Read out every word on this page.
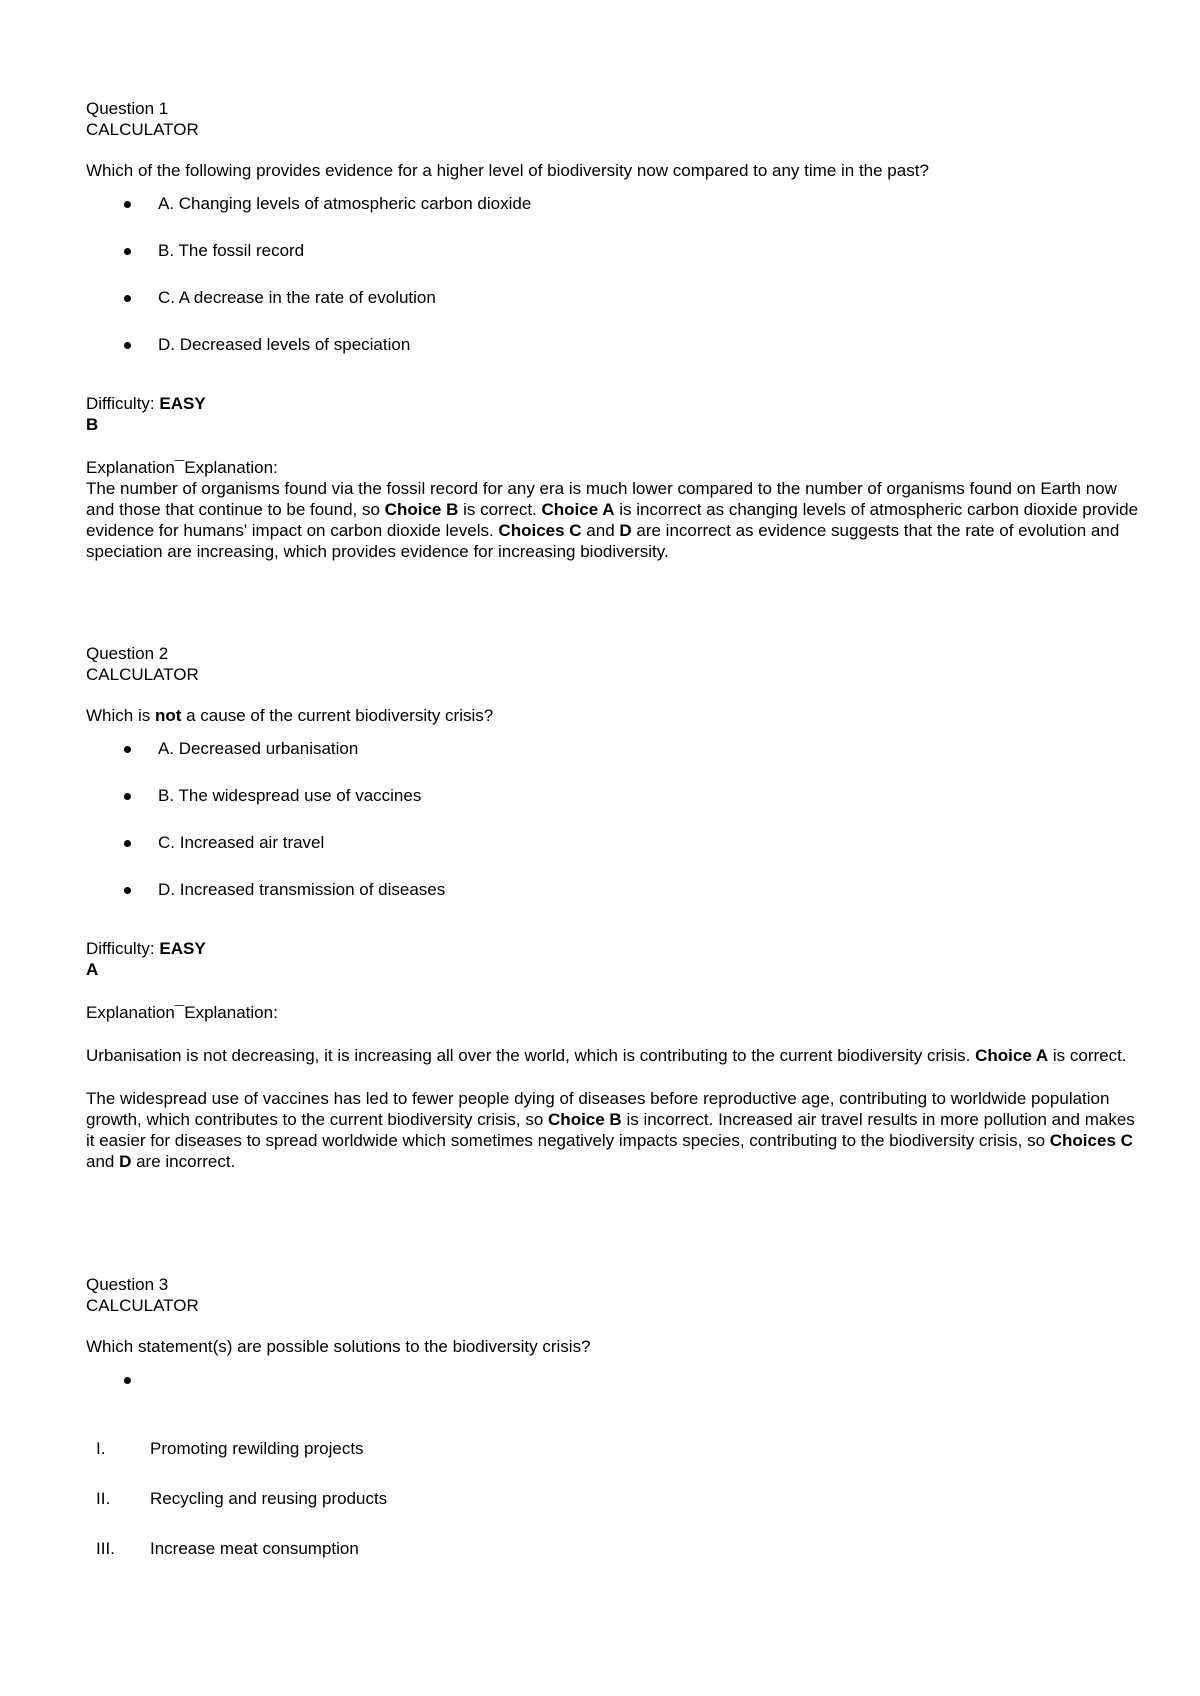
Question 1
CALCULATOR
Which of the following provides evidence for a higher level of biodiversity now compared to any time in the past?
A. Changing levels of atmospheric carbon dioxide
B. The fossil record
C. A decrease in the rate of evolution
D. Decreased levels of speciation
Difficulty: EASY
B
Explanation¯Explanation:
The number of organisms found via the fossil record for any era is much lower compared to the number of organisms found on Earth now and those that continue to be found, so Choice B is correct. Choice A is incorrect as changing levels of atmospheric carbon dioxide provide evidence for humans' impact on carbon dioxide levels. Choices C and D are incorrect as evidence suggests that the rate of evolution and speciation are increasing, which provides evidence for increasing biodiversity.
Question 2
CALCULATOR
Which is not a cause of the current biodiversity crisis?
A. Decreased urbanisation
B. The widespread use of vaccines
C. Increased air travel
D. Increased transmission of diseases
Difficulty: EASY
A
Explanation¯Explanation:
Urbanisation is not decreasing, it is increasing all over the world, which is contributing to the current biodiversity crisis. Choice A is correct.
The widespread use of vaccines has led to fewer people dying of diseases before reproductive age, contributing to worldwide population growth, which contributes to the current biodiversity crisis, so Choice B is incorrect. Increased air travel results in more pollution and makes it easier for diseases to spread worldwide which sometimes negatively impacts species, contributing to the biodiversity crisis, so Choices C and D are incorrect.
Question 3
CALCULATOR
Which statement(s) are possible solutions to the biodiversity crisis?
I.	Promoting rewilding projects
II. Recycling and reusing products
III. Increase meat consumption
